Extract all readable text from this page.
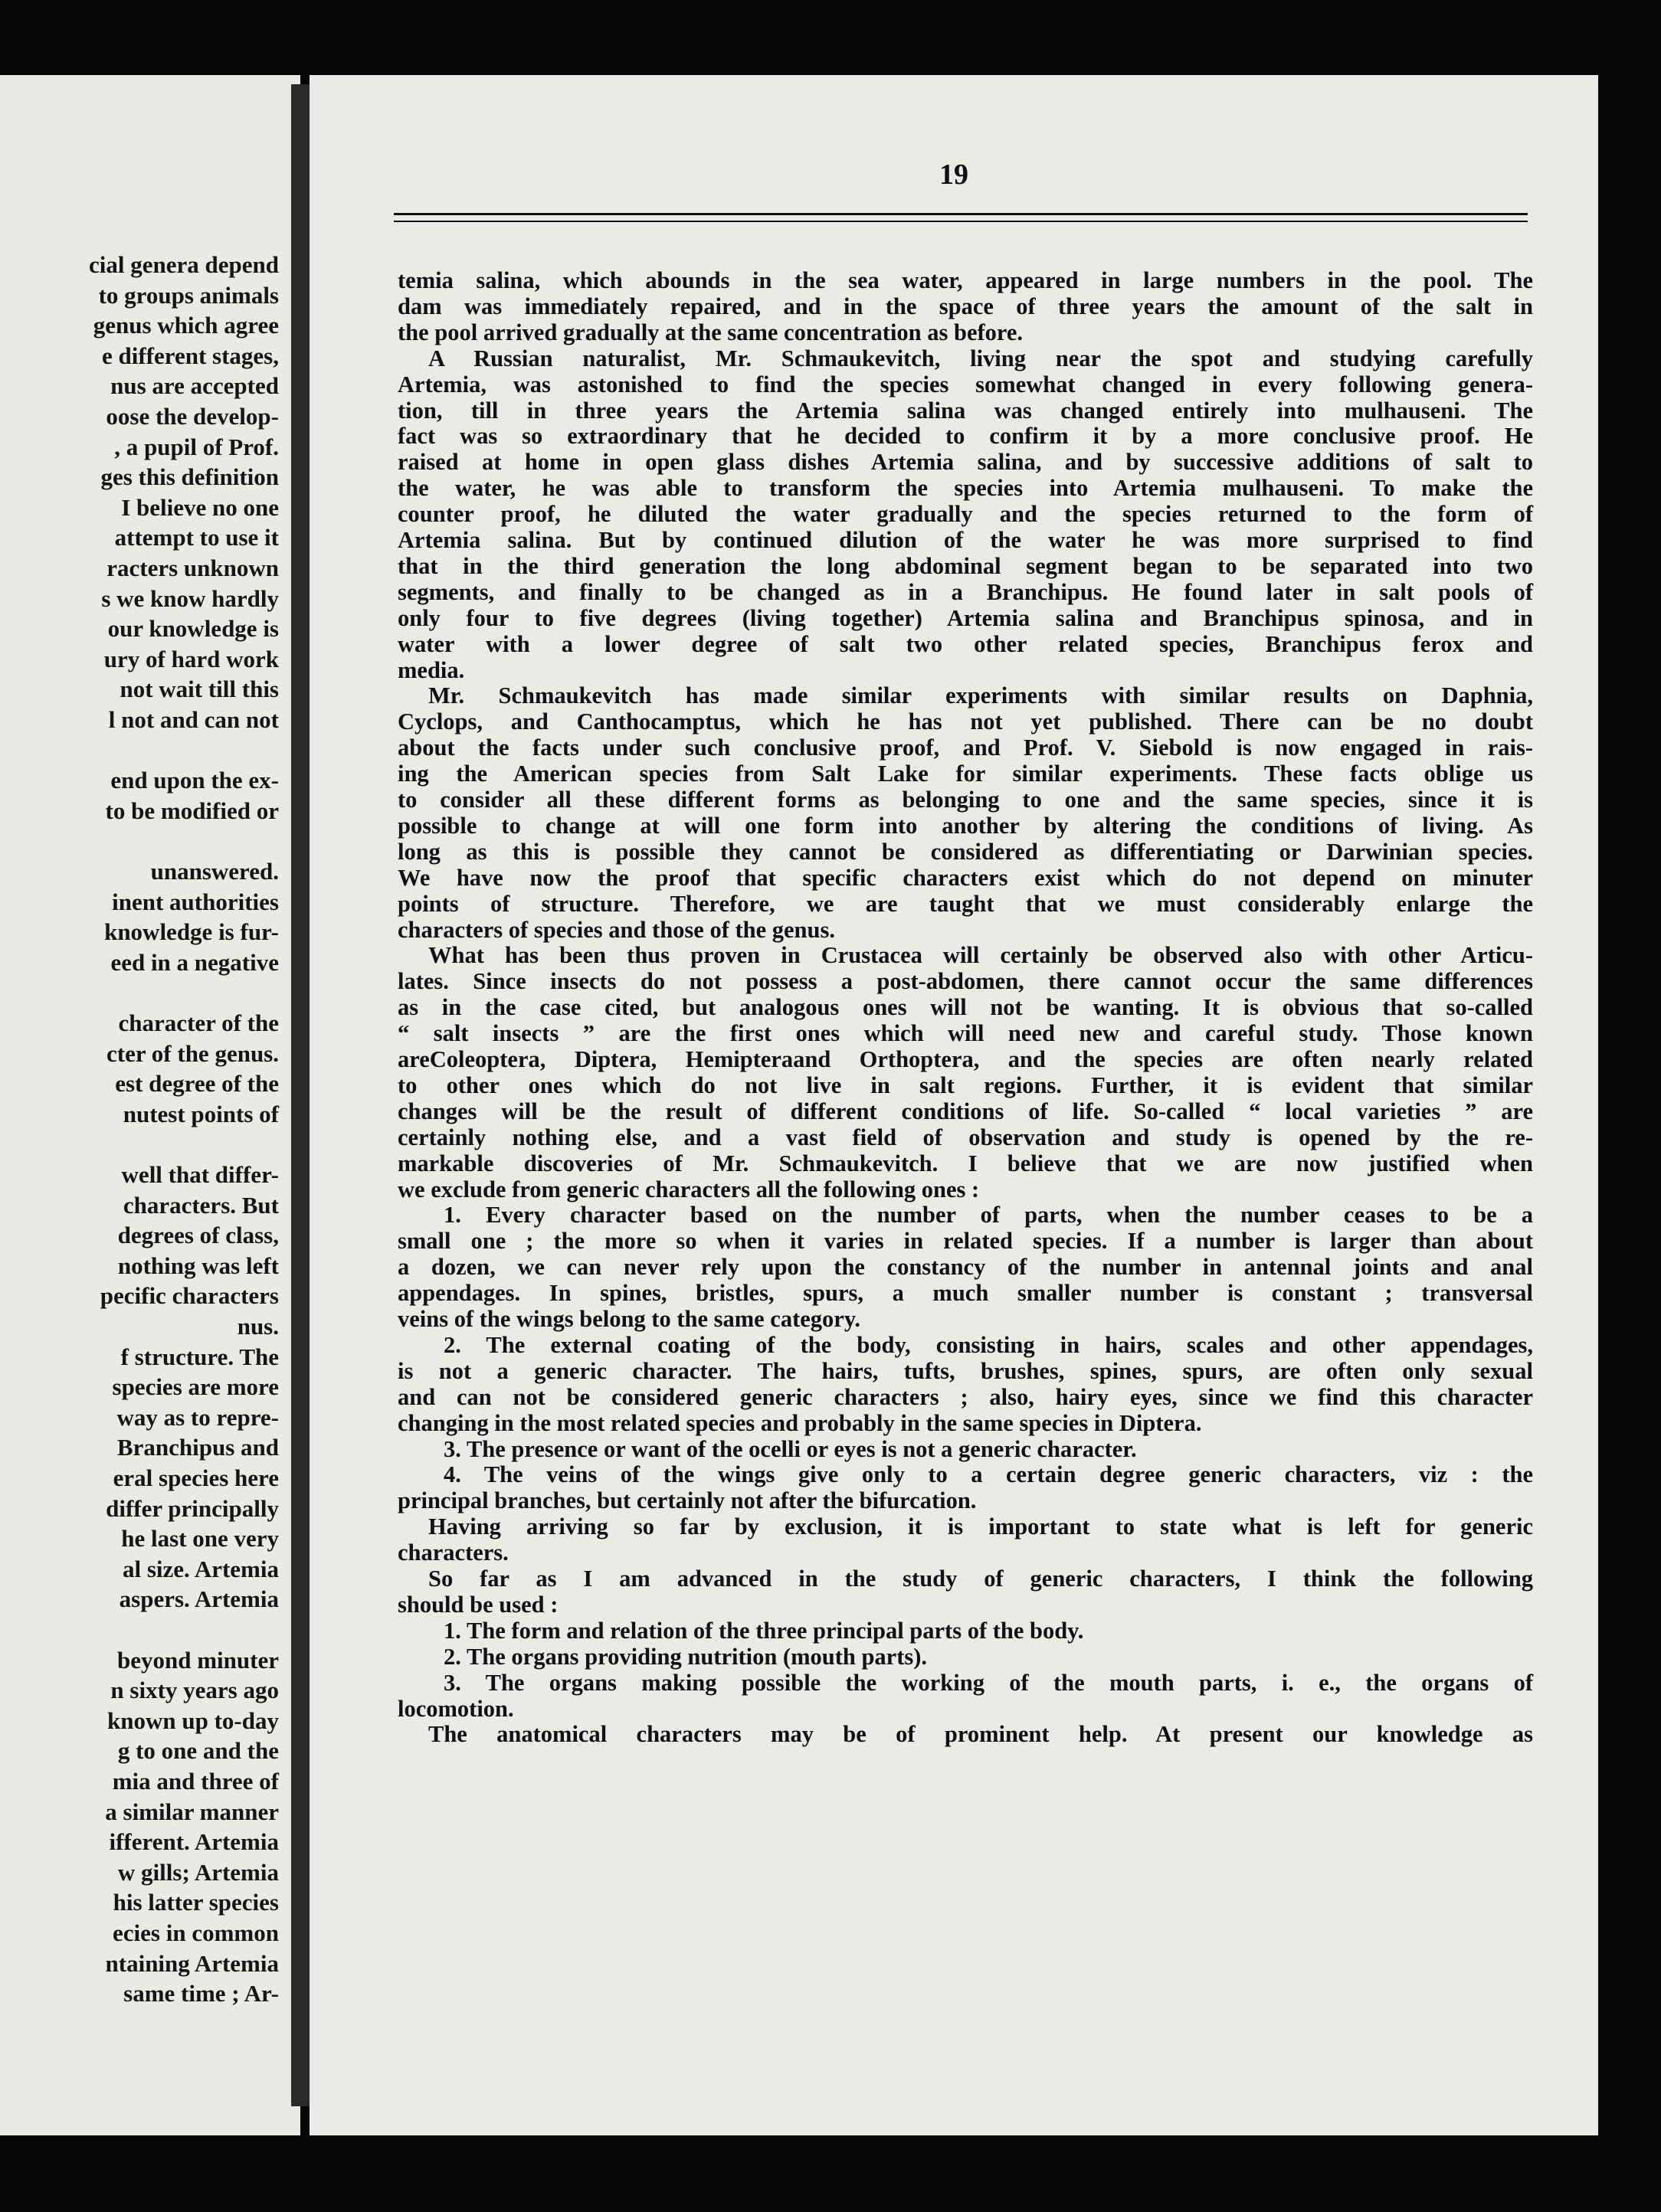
cial genera depend
to groups animals
genus which agree
e different stages,
nus are accepted
oose the develop-
, a pupil of Prof.
ges this definition
I believe no one
attempt to use it
racters unknown
s we know hardly
our knowledge is
ury of hard work
not wait till this
l not and can not
end upon the ex-
to be modified or
unanswered.
inent authorities
knowledge is fur-
eed in a negative
character of the
cter of the genus.
est degree of the
nutest points of
well that differ-
characters. But
degrees of class,
nothing was left
pecific characters
nus.
f structure. The
species are more
way as to repre-
Branchipus and
eral species here
differ principally
he last one very
al size. Artemia
aspers. Artemia
beyond minuter
n sixty years ago
known up to-day
g to one and the
mia and three of
a similar manner
ifferent. Artemia
w gills; Artemia
his latter species
ecies in common
ntaining Artemia
same time ; Ar-
19
temia salina, which abounds in the sea water, appeared in large numbers in the pool. The
dam was immediately repaired, and in the space of three years the amount of the salt in
the pool arrived gradually at the same concentration as before.
A Russian naturalist, Mr. Schmaukevitch, living near the spot and studying carefully
Artemia, was astonished to find the species somewhat changed in every following genera-
tion, till in three years the Artemia salina was changed entirely into mulhauseni. The
fact was so extraordinary that he decided to confirm it by a more conclusive proof. He
raised at home in open glass dishes Artemia salina, and by successive additions of salt to
the water, he was able to transform the species into Artemia mulhauseni. To make the
counter proof, he diluted the water gradually and the species returned to the form of
Artemia salina. But by continued dilution of the water he was more surprised to find
that in the third generation the long abdominal segment began to be separated into two
segments, and finally to be changed as in a Branchipus. He found later in salt pools of
only four to five degrees (living together) Artemia salina and Branchipus spinosa, and in
water with a lower degree of salt two other related species, Branchipus ferox and
media.
Mr. Schmaukevitch has made similar experiments with similar results on Daphnia,
Cyclops, and Canthocamptus, which he has not yet published. There can be no doubt
about the facts under such conclusive proof, and Prof. V. Siebold is now engaged in rais-
ing the American species from Salt Lake for similar experiments. These facts oblige us
to consider all these different forms as belonging to one and the same species, since it is
possible to change at will one form into another by altering the conditions of living. As
long as this is possible they cannot be considered as differentiating or Darwinian species.
We have now the proof that specific characters exist which do not depend on minuter
points of structure. Therefore, we are taught that we must considerably enlarge the
characters of species and those of the genus.
What has been thus proven in Crustacea will certainly be observed also with other Articu-
lates. Since insects do not possess a post-abdomen, there cannot occur the same differences
as in the case cited, but analogous ones will not be wanting. It is obvious that so-called
“ salt insects ” are the first ones which will need new and careful study. Those known
areColeoptera, Diptera, Hemipteraand Orthoptera, and the species are often nearly related
to other ones which do not live in salt regions. Further, it is evident that similar
changes will be the result of different conditions of life. So-called “ local varieties ” are
certainly nothing else, and a vast field of observation and study is opened by the re-
markable discoveries of Mr. Schmaukevitch. I believe that we are now justified when
we exclude from generic characters all the following ones :
1. Every character based on the number of parts, when the number ceases to be a
small one ; the more so when it varies in related species. If a number is larger than about
a dozen, we can never rely upon the constancy of the number in antennal joints and anal
appendages. In spines, bristles, spurs, a much smaller number is constant ; transversal
veins of the wings belong to the same category.
2. The external coating of the body, consisting in hairs, scales and other appendages,
is not a generic character. The hairs, tufts, brushes, spines, spurs, are often only sexual
and can not be considered generic characters ; also, hairy eyes, since we find this character
changing in the most related species and probably in the same species in Diptera.
3. The presence or want of the ocelli or eyes is not a generic character.
4. The veins of the wings give only to a certain degree generic characters, viz : the
principal branches, but certainly not after the bifurcation.
Having arriving so far by exclusion, it is important to state what is left for generic
characters.
So far as I am advanced in the study of generic characters, I think the following
should be used :
1. The form and relation of the three principal parts of the body.
2. The organs providing nutrition (mouth parts).
3. The organs making possible the working of the mouth parts, i. e., the organs of
locomotion.
The anatomical characters may be of prominent help. At present our knowledge as
